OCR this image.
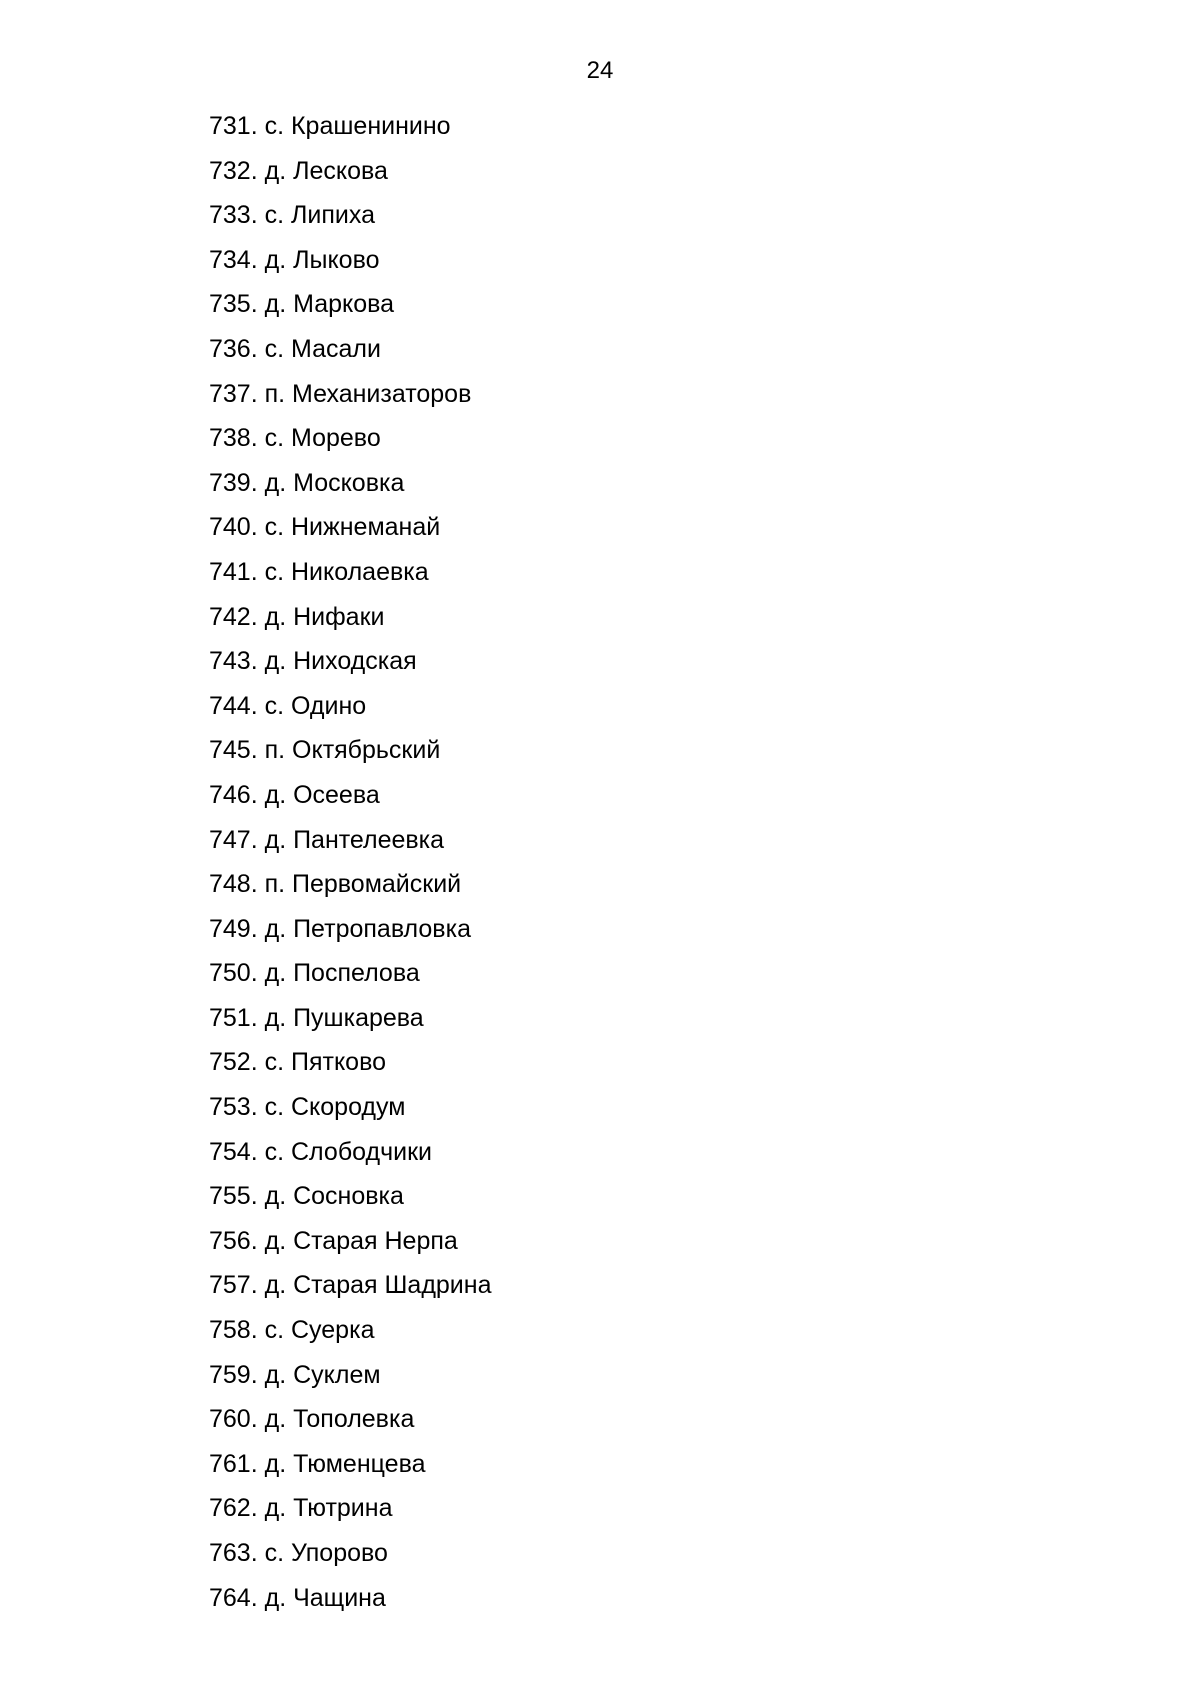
24
731. с. Крашенинино
732. д. Лескова
733. с. Липиха
734. д. Лыково
735. д. Маркова
736. с. Масали
737. п. Механизаторов
738. с. Морево
739. д. Московка
740. с. Нижнеманай
741. с. Николаевка
742. д. Нифаки
743. д. Ниходская
744. с. Одино
745. п. Октябрьский
746. д. Осеева
747. д. Пантелеевка
748. п. Первомайский
749. д. Петропавловка
750. д. Поспелова
751. д. Пушкарева
752. с. Пятково
753. с. Скородум
754. с. Слободчики
755. д. Сосновка
756. д. Старая Нерпа
757. д. Старая Шадрина
758. с. Суерка
759. д. Суклем
760. д. Тополевка
761. д. Тюменцева
762. д. Тютрина
763. с. Упорово
764. д. Чащина
